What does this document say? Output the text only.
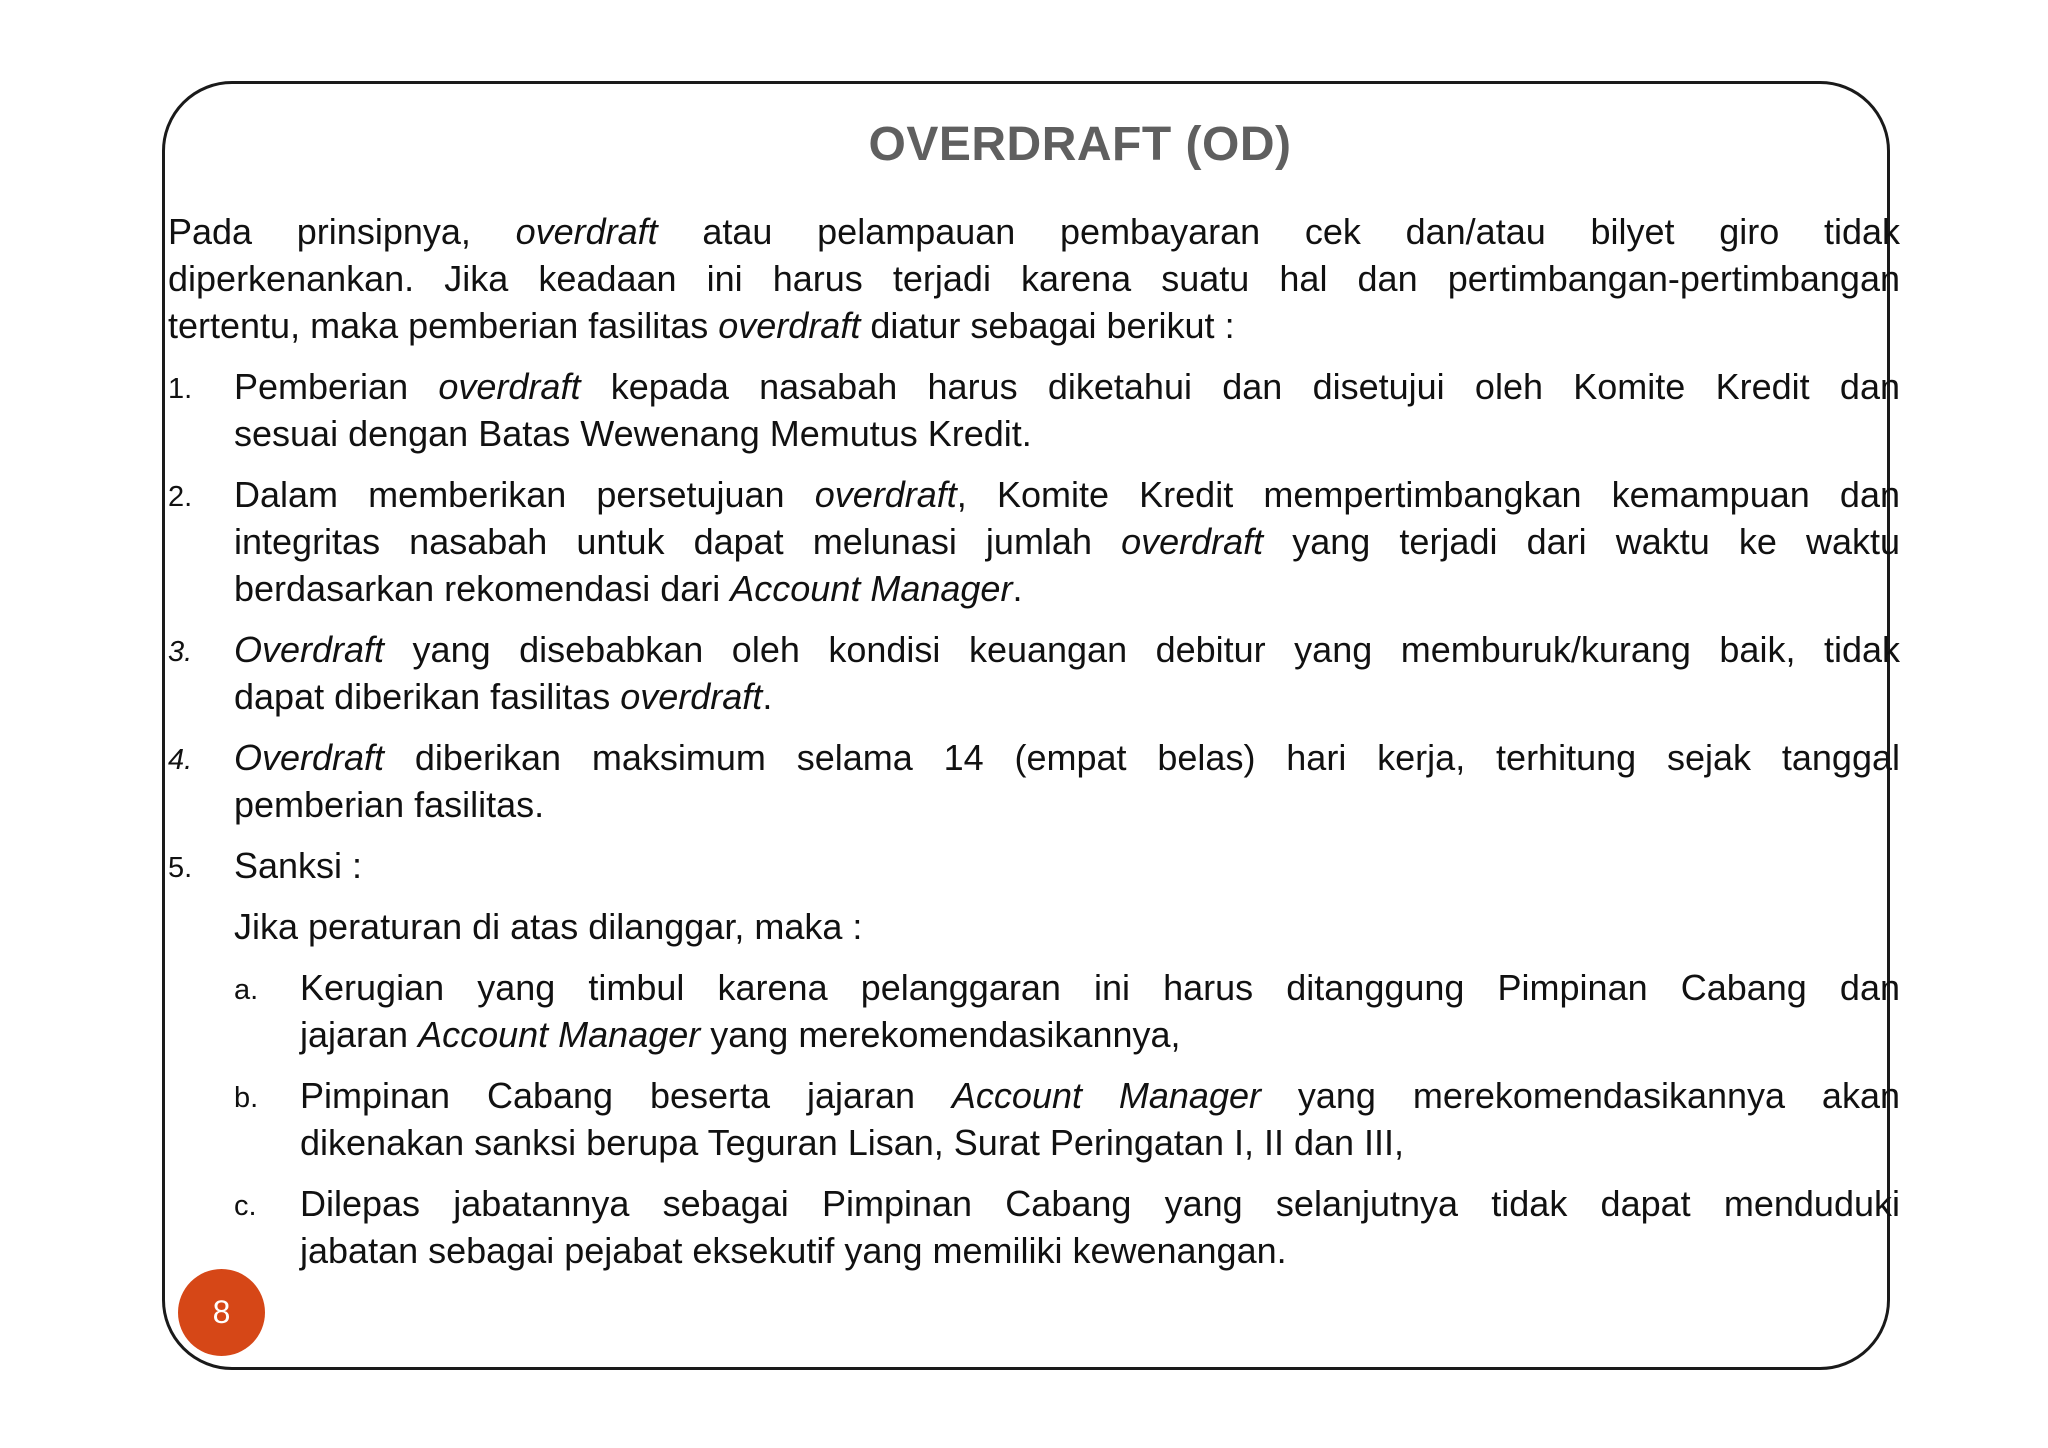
OVERDRAFT (OD)

Pada prinsipnya, overdraft atau pelampauan pembayaran cek dan/atau bilyet giro tidak
diperkenankan. Jika keadaan ini harus terjadi karena suatu hal dan pertimbangan-pertimbangan
tertentu, maka pemberian fasilitas overdraft diatur sebagai berikut :

1. Pemberian overdraft kepada nasabah harus diketahui dan disetujui oleh Komite Kredit dan
sesuai dengan Batas Wewenang Memutus Kredit.
2. Dalam memberikan persetujuan overdraft, Komite Kredit mempertimbangkan kemampuan dan
integritas nasabah untuk dapat melunasi jumlah overdraft yang terjadi dari waktu ke waktu
berdasarkan rekomendasi dari Account Manager.
3. Overdraft yang disebabkan oleh kondisi keuangan debitur yang memburuk/kurang baik, tidak
dapat diberikan fasilitas overdraft.
4. Overdraft diberikan maksimum selama 14 (empat belas) hari kerja, terhitung sejak tanggal
pemberian fasilitas.
5. Sanksi :
Jika peraturan di atas dilanggar, maka :
a. Kerugian yang timbul karena pelanggaran ini harus ditanggung Pimpinan Cabang dan
jajaran Account Manager yang merekomendasikannya,
b. Pimpinan Cabang beserta jajaran Account Manager yang merekomendasikannya akan
dikenakan sanksi berupa Teguran Lisan, Surat Peringatan I, II dan III,
c. Dilepas jabatannya sebagai Pimpinan Cabang yang selanjutnya tidak dapat menduduki
jabatan sebagai pejabat eksekutif yang memiliki kewenangan.
8
